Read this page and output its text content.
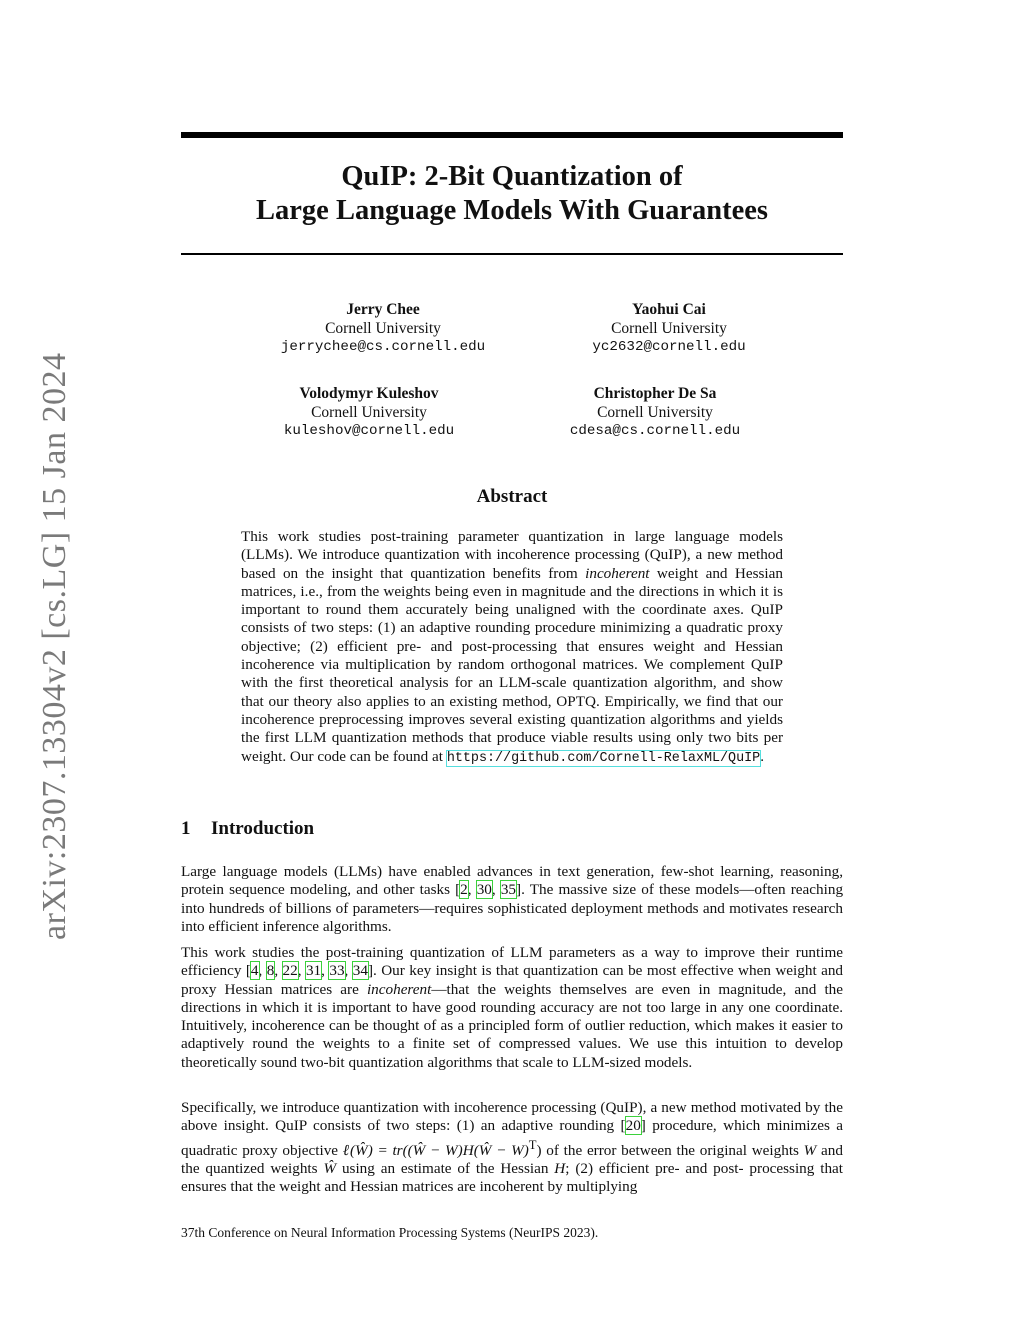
arXiv:2307.13304v2 [cs.LG] 15 Jan 2024
QuIP: 2-Bit Quantization of
Large Language Models With Guarantees
Jerry Chee
Cornell University
jerrychee@cs.cornell.edu
Yaohui Cai
Cornell University
yc2632@cornell.edu
Volodymyr Kuleshov
Cornell University
kuleshov@cornell.edu
Christopher De Sa
Cornell University
cdesa@cs.cornell.edu
Abstract
This work studies post-training parameter quantization in large language models (LLMs). We introduce quantization with incoherence processing (QuIP), a new method based on the insight that quantization benefits from incoherent weight and Hessian matrices, i.e., from the weights being even in magnitude and the directions in which it is important to round them accurately being unaligned with the coordinate axes. QuIP consists of two steps: (1) an adaptive rounding procedure minimizing a quadratic proxy objective; (2) efficient pre- and post-processing that ensures weight and Hessian incoherence via multiplication by random orthogonal matrices. We complement QuIP with the first theoretical analysis for an LLM-scale quantization algorithm, and show that our theory also applies to an existing method, OPTQ. Empirically, we find that our incoherence preprocessing improves several existing quantization algorithms and yields the first LLM quantization methods that produce viable results using only two bits per weight. Our code can be found at https://github.com/Cornell-RelaxML/QuIP.
1 Introduction
Large language models (LLMs) have enabled advances in text generation, few-shot learning, reasoning, protein sequence modeling, and other tasks [2, 30, 35]. The massive size of these models—often reaching into hundreds of billions of parameters—requires sophisticated deployment methods and motivates research into efficient inference algorithms.
This work studies the post-training quantization of LLM parameters as a way to improve their runtime efficiency [4, 8, 22, 31, 33, 34]. Our key insight is that quantization can be most effective when weight and proxy Hessian matrices are incoherent—that the weights themselves are even in magnitude, and the directions in which it is important to have good rounding accuracy are not too large in any one coordinate. Intuitively, incoherence can be thought of as a principled form of outlier reduction, which makes it easier to adaptively round the weights to a finite set of compressed values. We use this intuition to develop theoretically sound two-bit quantization algorithms that scale to LLM-sized models.
Specifically, we introduce quantization with incoherence processing (QuIP), a new method motivated by the above insight. QuIP consists of two steps: (1) an adaptive rounding [20] procedure, which minimizes a quadratic proxy objective ℓ(Ŵ) = tr((Ŵ − W)H(Ŵ − W)$^T$) of the error between the original weights W and the quantized weights Ŵ using an estimate of the Hessian H; (2) efficient pre- and post- processing that ensures that the weight and Hessian matrices are incoherent by multiplying
37th Conference on Neural Information Processing Systems (NeurIPS 2023).
